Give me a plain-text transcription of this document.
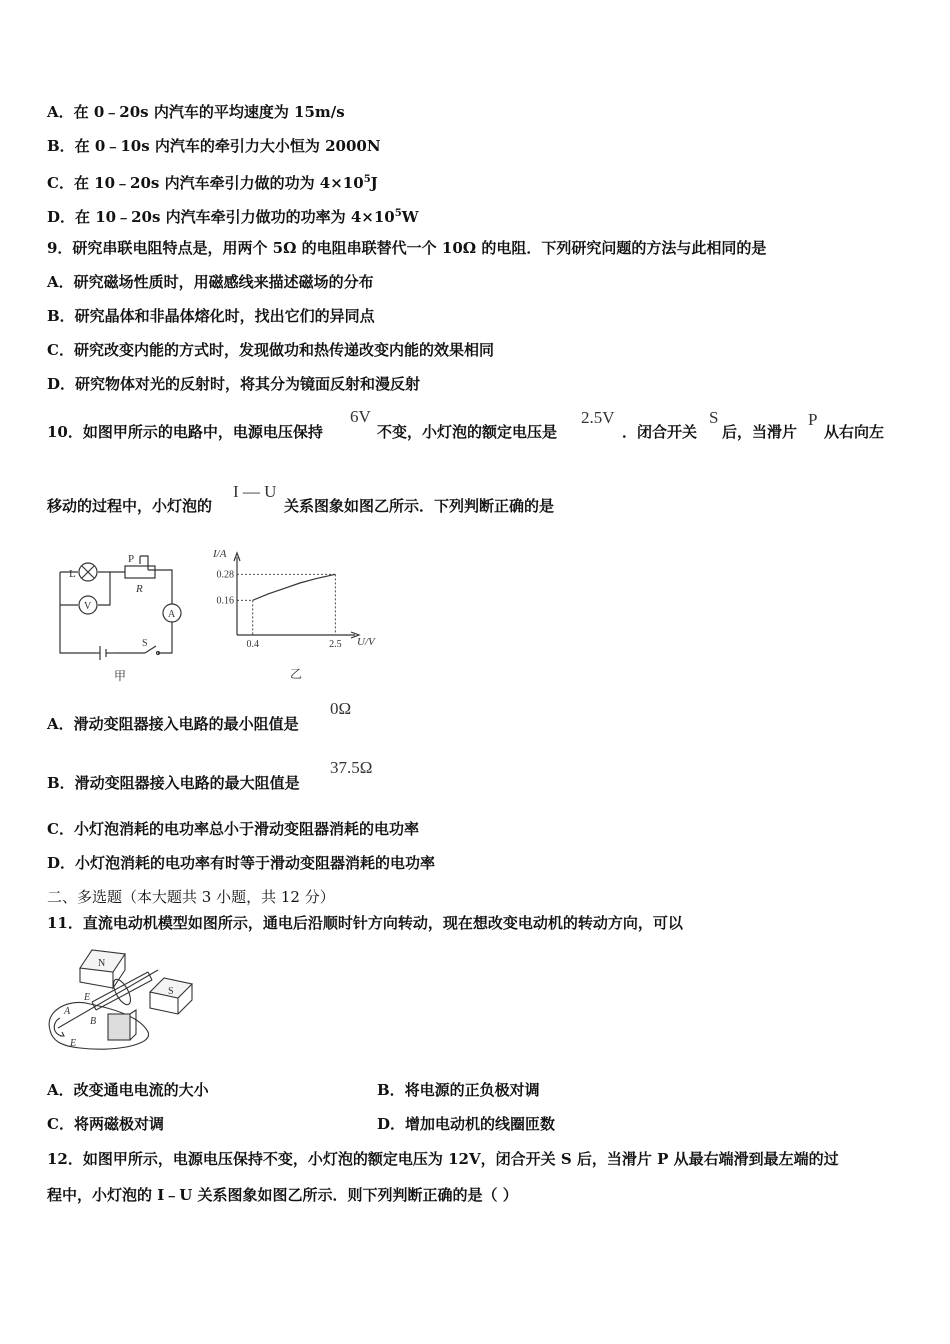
A．在 0﹣20s 内汽车的平均速度为 15m/s
B．在 0﹣10s 内汽车的牵引力大小恒为 2000N
C．在 10﹣20s 内汽车牵引力做的功为 $4\times 10^5J$
D．在 10﹣20s 内汽车牵引力做功的功率为 $4\times 10^5W$
9．研究串联电阻特点是，用两个 5Ω 的电阻串联替代一个 10Ω 的电阻．下列研究问题的方法与此相同的是
A．研究磁场性质时，用磁感线来描述磁场的分布
B．研究晶体和非晶体熔化时，找出它们的异同点
C．研究改变内能的方式时，发现做功和热传递改变内能的效果相同
D．研究物体对光的反射时，将其分为镜面反射和漫反射
10．如图甲所示的电路中，电源电压保持
6V
不变，小灯泡的额定电压是
2.5V
．闭合开关
S
后，当滑片
P
从右向左
移动的过程中，小灯泡的
I — U
关系图象如图乙所示．下列判断正确的是
L
P
R
V
A
S
甲
0.28
0.16
0.4	2.5
I/A
U/V
乙
A．滑动变阻器接入电路的最小阻值是
0Ω
B．滑动变阻器接入电路的最大阻值是
37.5Ω
C．小灯泡消耗的电功率总小于滑动变阻器消耗的电功率
D．小灯泡消耗的电功率有时等于滑动变阻器消耗的电功率
二、多选题（本大题共 3 小题，共 12 分）
11．直流电动机模型如图所示，通电后沿顺时针方向转动，现在想改变电动机的转动方向，可以
N
S
A
B
E
E
A．改变通电电流的大小	B．将电源的正负极对调
C．将两磁极对调	D．增加电动机的线圈匝数
12．如图甲所示，电源电压保持不变，小灯泡的额定电压为 12V，闭合开关 S 后，当滑片 P 从最右端滑到最左端的过
程中，小灯泡的 I﹣U 关系图象如图乙所示．则下列判断正确的是（ ）
